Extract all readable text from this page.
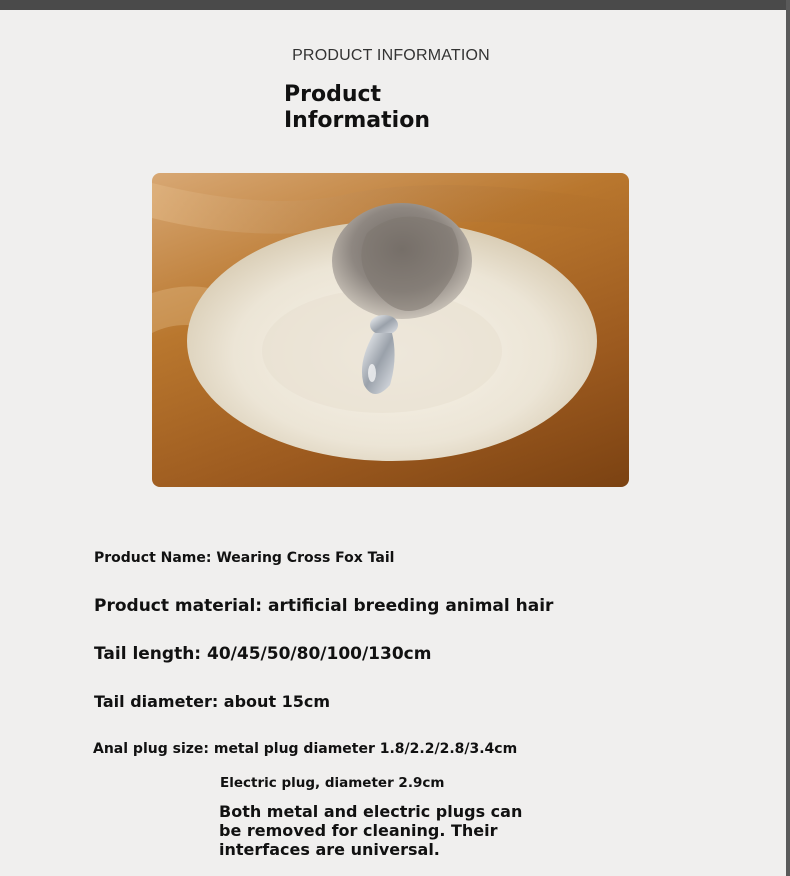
PRODUCT INFORMATION
Product
Information
Product Name: Wearing Cross Fox Tail
Product material: artificial breeding animal hair
Tail length: 40/45/50/80/100/130cm
Tail diameter: about 15cm
Anal plug size: metal plug diameter 1.8/2.2/2.8/3.4cm
Electric plug, diameter 2.9cm
Both metal and electric plugs can be removed for cleaning. Their interfaces are universal.
